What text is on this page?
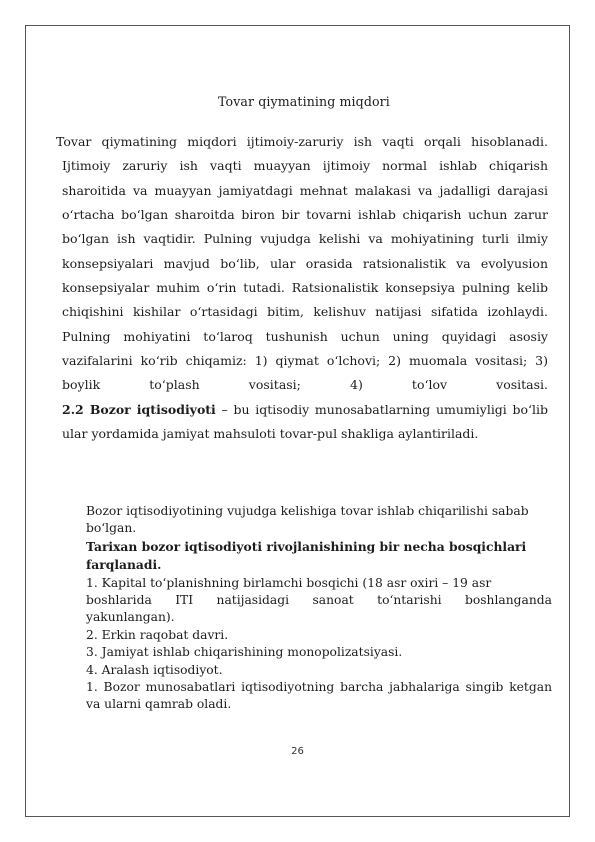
Tovar qiymatining miqdori
Tovar qiymatining miqdori ijtimoiy-zaruriy ish vaqti orqali hisoblanadi.
Ijtimoiy zaruriy ish vaqti muayyan ijtimoiy normal ishlab chiqarish
sharoitida va muayyan jamiyatdagi mehnat malakasi va jadalligi darajasi
o‘rtacha bo‘lgan sharoitda biron bir tovarni ishlab chiqarish uchun zarur
bo‘lgan ish vaqtidir. Pulning vujudga kelishi va mohiyatining turli ilmiy
konsepsiyalari mavjud bo‘lib, ular orasida ratsionalistik va evolyusion
konsepsiyalar muhim o‘rin tutadi. Ratsionalistik konsepsiya pulning kelib
chiqishini kishilar o‘rtasidagi bitim, kelishuv natijasi sifatida izohlaydi.
Pulning mohiyatini to‘laroq tushunish uchun uning quyidagi asosiy
vazifalarini ko‘rib chiqamiz: 1) qiymat o‘lchovi; 2) muomala vositasi; 3)
boylik to‘plash vositasi; 4) to‘lov vositasi.
2.2 Bozor iqtisodiyoti – bu iqtisodiy munosabatlarning umumiyligi bo‘lib
ular yordamida jamiyat mahsuloti tovar-pul shakliga aylantiriladi.
Bozor iqtisodiyotining vujudga kelishiga tovar ishlab chiqarilishi sabab
bo‘lgan.
Tarixan bozor iqtisodiyoti rivojlanishining bir necha bosqichlari
farqlanadi.
1. Kapital to‘planishning birlamchi bosqichi (18 asr oxiri – 19 asr
boshlarida ITI natijasidagi sanoat to‘ntarishi boshlanganda
yakunlangan).
2. Erkin raqobat davri.
3. Jamiyat ishlab chiqarishining monopolizatsiyasi.
4. Aralash iqtisodiyot.
1. Bozor munosabatlari iqtisodiyotning barcha jabhalariga singib ketgan
va ularni qamrab oladi.
26
